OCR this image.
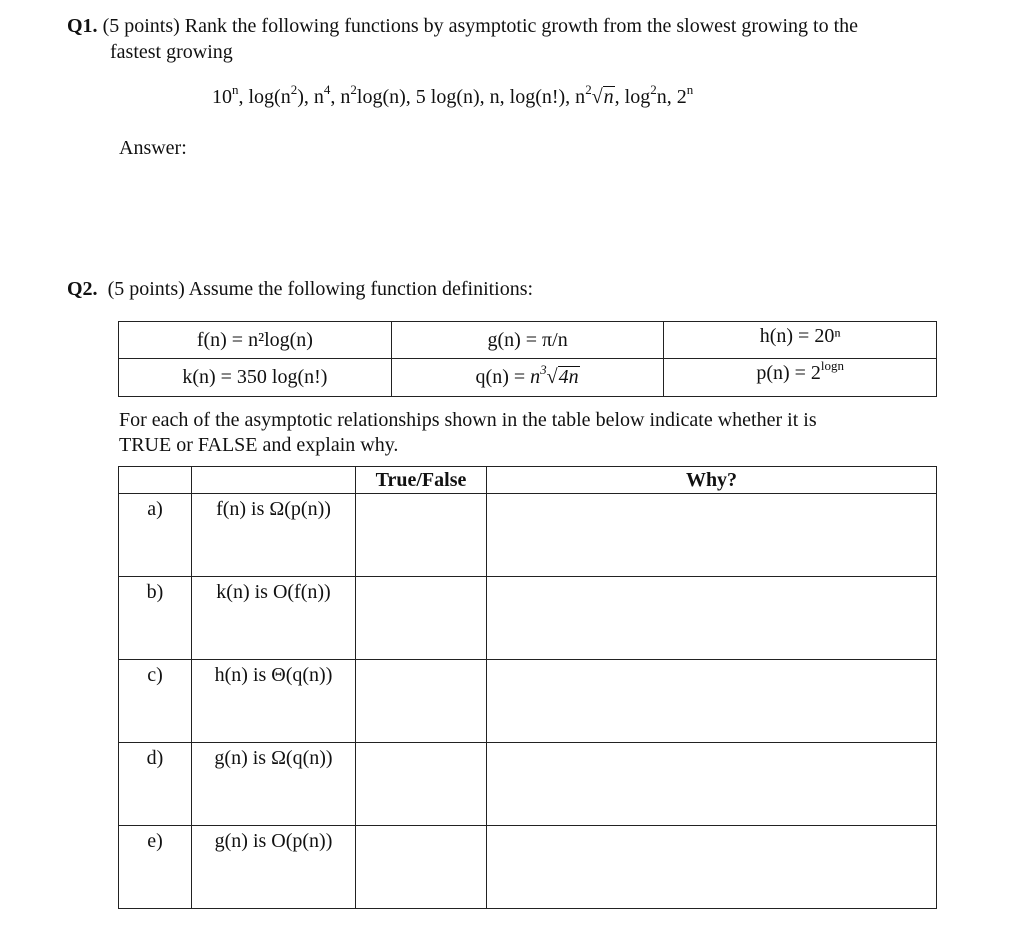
Q1. (5 points) Rank the following functions by asymptotic growth from the slowest growing to the
fastest growing
10$^n$, $\log(n^2)$, $n^4$, $n^2\log(n)$, 5 log(n), n, log(n!), $n^2√n$, $\log^2n$, 2$^n$
Answer:
Q2. (5 points) Assume the following function definitions:
f(n) = n²log(n)	g(n) = π/n	h(n) = 20ⁿ
k(n) = 350 log(n!)	$q(n) = n^3√4n$	$p(n) = 2^{logn}$
For each of the asymptotic relationships shown in the table below indicate whether it is
TRUE or FALSE and explain why.
		True/False	Why?
a)	f(n) is Ω(p(n))		
b)	k(n) is O(f(n))		
c)	h(n) is Θ(q(n))		
d)	g(n) is Ω(q(n))		
e)	g(n) is O(p(n))		
